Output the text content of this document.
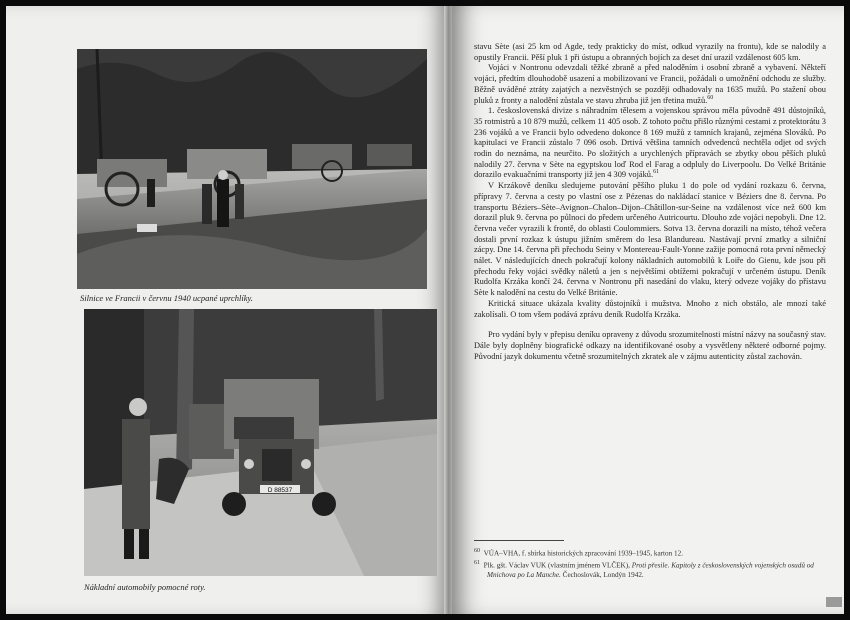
Silnice ve Francii v červnu 1940 ucpané uprchlíky.
D 88537
Nákladní automobily pomocné roty.

stavu Sète (asi 25 km od Agde, tedy prakticky do míst, odkud vyrazily na frontu), kde se nalodily a opustily Francii. Pěší pluk 1 při ústupu a obranných bojích za deset dní urazil vzdálenost 605 km.

Vojáci v Nontronu odevzdali těžké zbraně a před naloděním i osobní zbraně a vybavení. Někteří vojáci, předtím dlouhodobě usazení a mobilizovaní ve Francii, požádali o umožnění odchodu ze služby. Běžně uváděné ztráty zajatých a nezvěstných se později odhadovaly na 1635 mužů. Po stažení obou pluků z fronty a nalodění zůstala ve stavu zhruba již jen třetina mužů.$^{60}$

1. československá divize s náhradním tělesem a vojenskou správou měla původně 491 důstojníků, 35 rotmistrů a 10 879 mužů, celkem 11 405 osob. Z tohoto počtu přišlo různými cestami z protektorátu 3 236 vojáků a ve Francii bylo odvedeno dokonce 8 169 mužů z tamních krajanů, zejména Slováků. Po kapitulaci ve Francii zůstalo 7 096 osob. Drtivá většina tamních odvedenců nechtěla odjet od svých rodin do neznáma, na neurčito. Po složitých a urychlených přípravách se zbytky obou pěších pluků nalodily 27. června v Sète na egyptskou loď Rod el Farag a odpluly do Liverpoolu. Do Velké Británie dorazilo evakuačními transporty již jen 4 309 vojáků.$^{61}$

V Krzákově deníku sledujeme putování pěšího pluku 1 do pole od vydání rozkazu 6. června, přípravy 7. června a cesty po vlastní ose z Pézenas do nakládací stanice v Béziers dne 8. června. Po transportu Béziers–Sète–Avignon–Chalon–Dijon–Châtillon-sur-Seine na vzdálenost více než 600 km dorazil pluk 9. června po půlnoci do předem určeného Autricourtu. Dlouho zde vojáci nepobyli. Dne 12. června večer vyrazili k frontě, do oblasti Coulommiers. Sotva 13. června dorazili na místo, téhož večera dostali první rozkaz k ústupu jižním směrem do lesa Blandureau. Nastávají první zmatky a silniční zácpy. Dne 14. června při přechodu Seiny v Montereau-Fault-Yonne zažije pomocná rota první německý nálet. V následujících dnech pokračují kolony nákladních automobilů k Loiře do Gienu, kde jsou při přechodu řeky vojáci svědky náletů a jen s největšími obtížemi pokračují v určeném ústupu. Deník Rudolfa Krzáka končí 24. června v Nontronu při nasedání do vlaku, který odveze vojáky do přístavu Sète k nalodění na cestu do Velké Británie.

Kritická situace ukázala kvality důstojníků i mužstva. Mnoho z nich obstálo, ale mnozí také zakolísali. O tom všem podává zprávu deník Rudolfa Krzáka.

Pro vydání byly v přepisu deníku opraveny z důvodu srozumitelnosti místní názvy na současný stav. Dále byly doplněny biografické odkazy na identifikované osoby a vysvětleny některé odborné pojmy. Původní jazyk dokumentu včetně srozumitelných zkratek ale v zájmu autenticity zůstal zachován.

$^{60}$ VÚA–VHA, f. sbírka historických zpracování 1939–1945, karton 12.

$^{61}$ Plk. gšt. Václav VUK (vlastním jménem VLČEK), Proti přesile. Kapitoly z československých vojenských osudů od Mnichova po La Manche. Čechoslovák, Londýn 1942.
